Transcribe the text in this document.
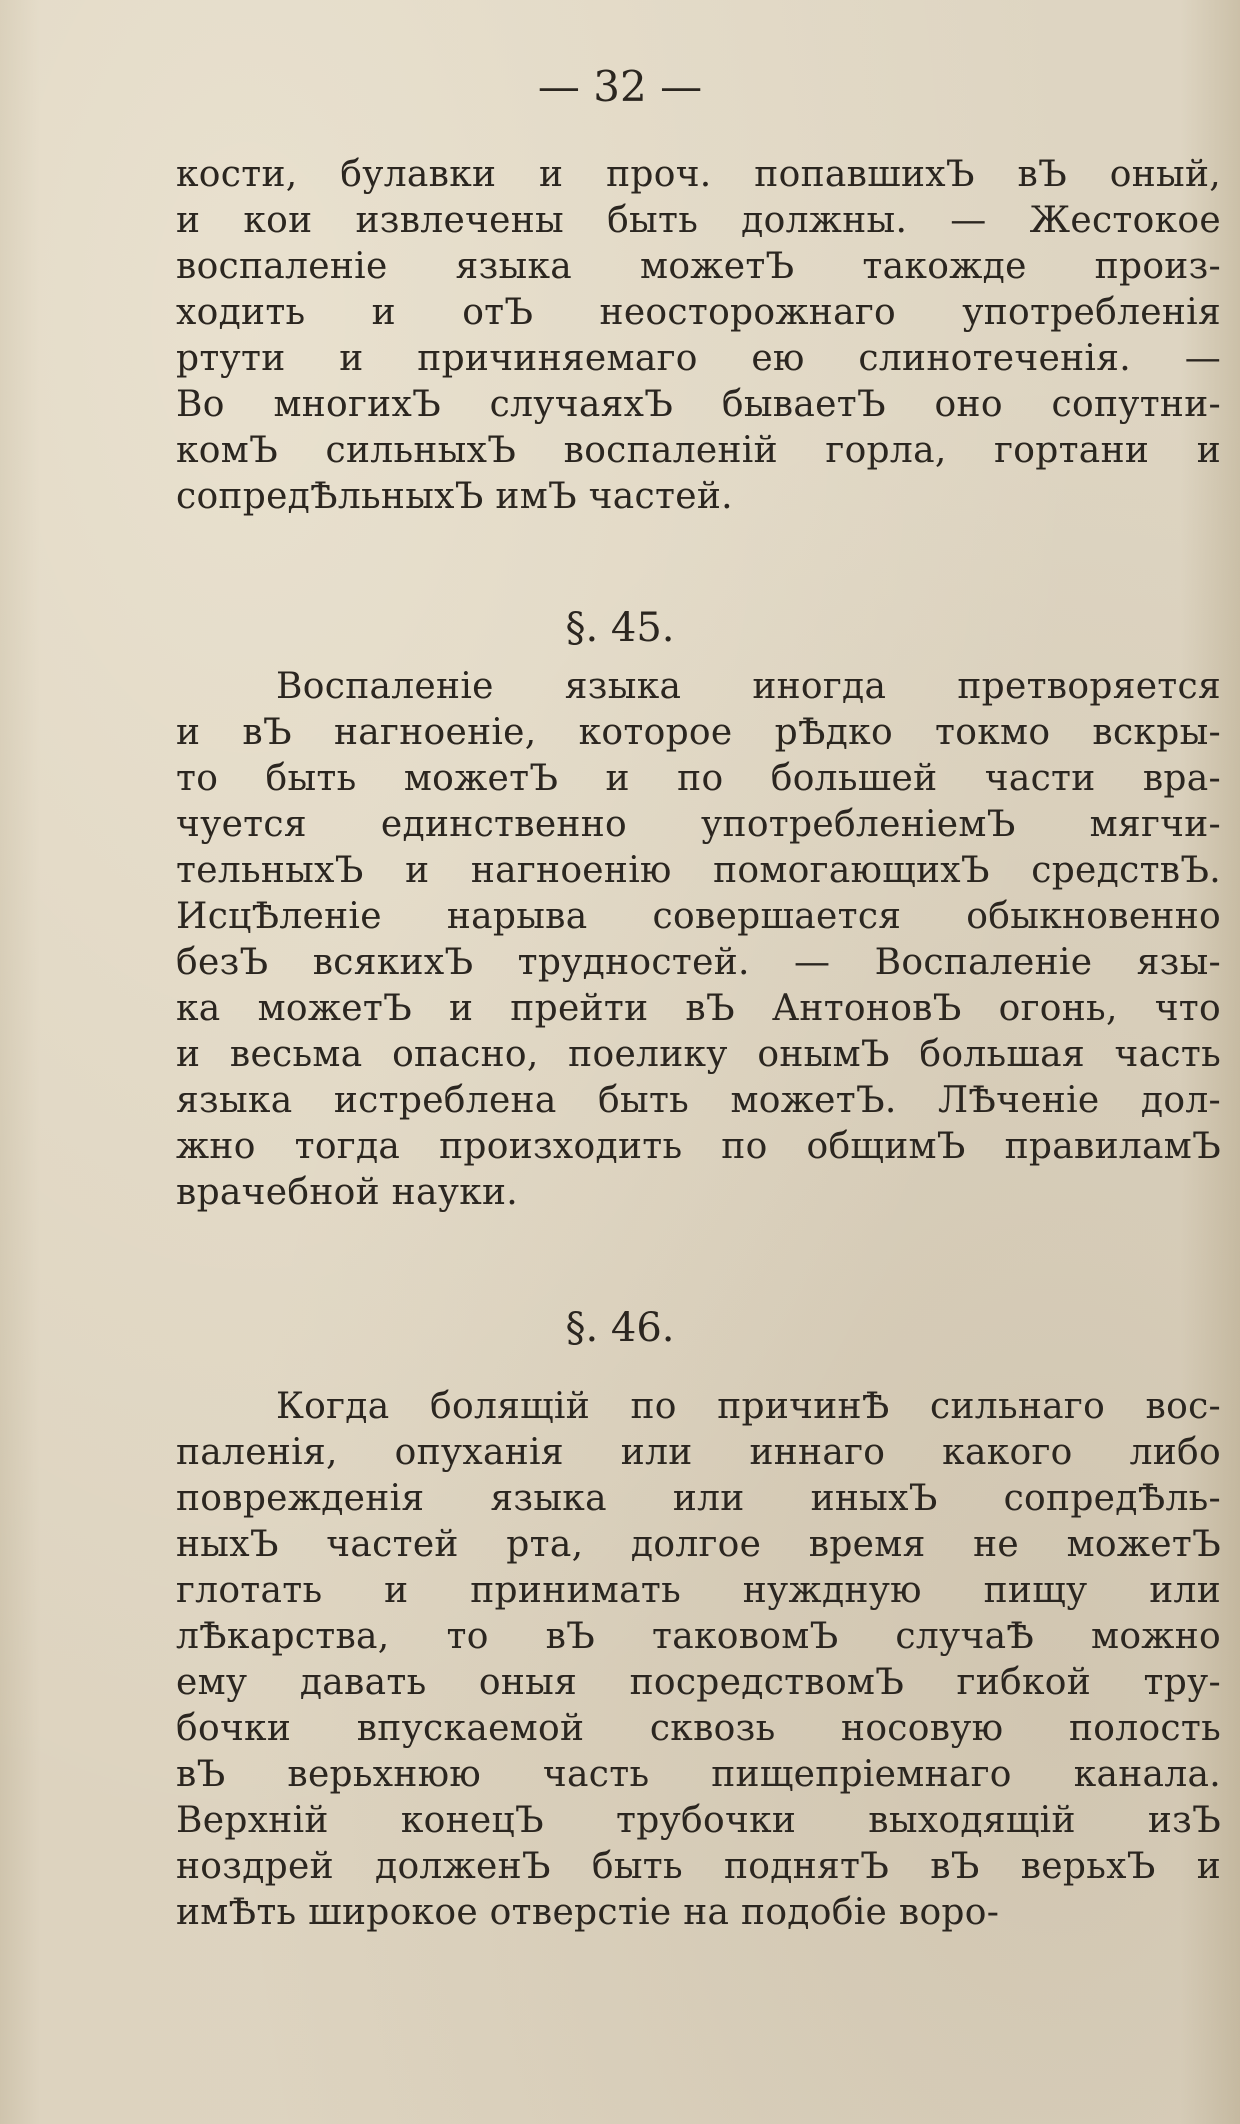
— 32 —
кости, булавки и проч. попавшихЪ вЪ оный,
и кои извлечены быть должны. — Жестокое
воспаленіе языка можетЪ такожде произ-
ходить и отЪ неосторожнаго употребленія
ртути и причиняемаго ею слинотеченія. —
Во многихЪ случаяхЪ бываетЪ оно сопутни-
комЪ сильныхЪ воспаленій горла, гортани и
сопредѢльныхЪ имЪ частей.
§. 45.
Воспаленіе языка иногда претворяется
и вЪ нагноеніе, которое рѢдко токмо вскры-
то быть можетЪ и по большей части вра-
чуется единственно употребленіемЪ мягчи-
тельныхЪ и нагноенію помогающихЪ средствЪ.
ИсцѢленіе нарыва совершается обыкновенно
безЪ всякихЪ трудностей. — Воспаленіе язы-
ка можетЪ и прейти вЪ АнтоновЪ огонь, что
и весьма опасно, поелику онымЪ большая часть
языка истреблена быть можетЪ. ЛѢченіе дол-
жно тогда произходить по общимЪ правиламЪ
врачебной науки.
§. 46.
Когда болящій по причинѢ сильнаго вос-
паленія, опуханія или иннаго какого либо
поврежденія языка или иныхЪ сопредѢль-
ныхЪ частей рта, долгое время не можетЪ
глотать и принимать нуждную пищу или
лѢкарства, то вЪ таковомЪ случаѢ можно
ему давать оныя посредствомЪ гибкой тру-
бочки впускаемой сквозь носовую полость
вЪ верьхнюю часть пищепріемнаго канала.
Верхній конецЪ трубочки выходящій изЪ
ноздрей долженЪ быть поднятЪ вЪ верьхЪ и
имѢть широкое отверстіе на подобіе воро-
